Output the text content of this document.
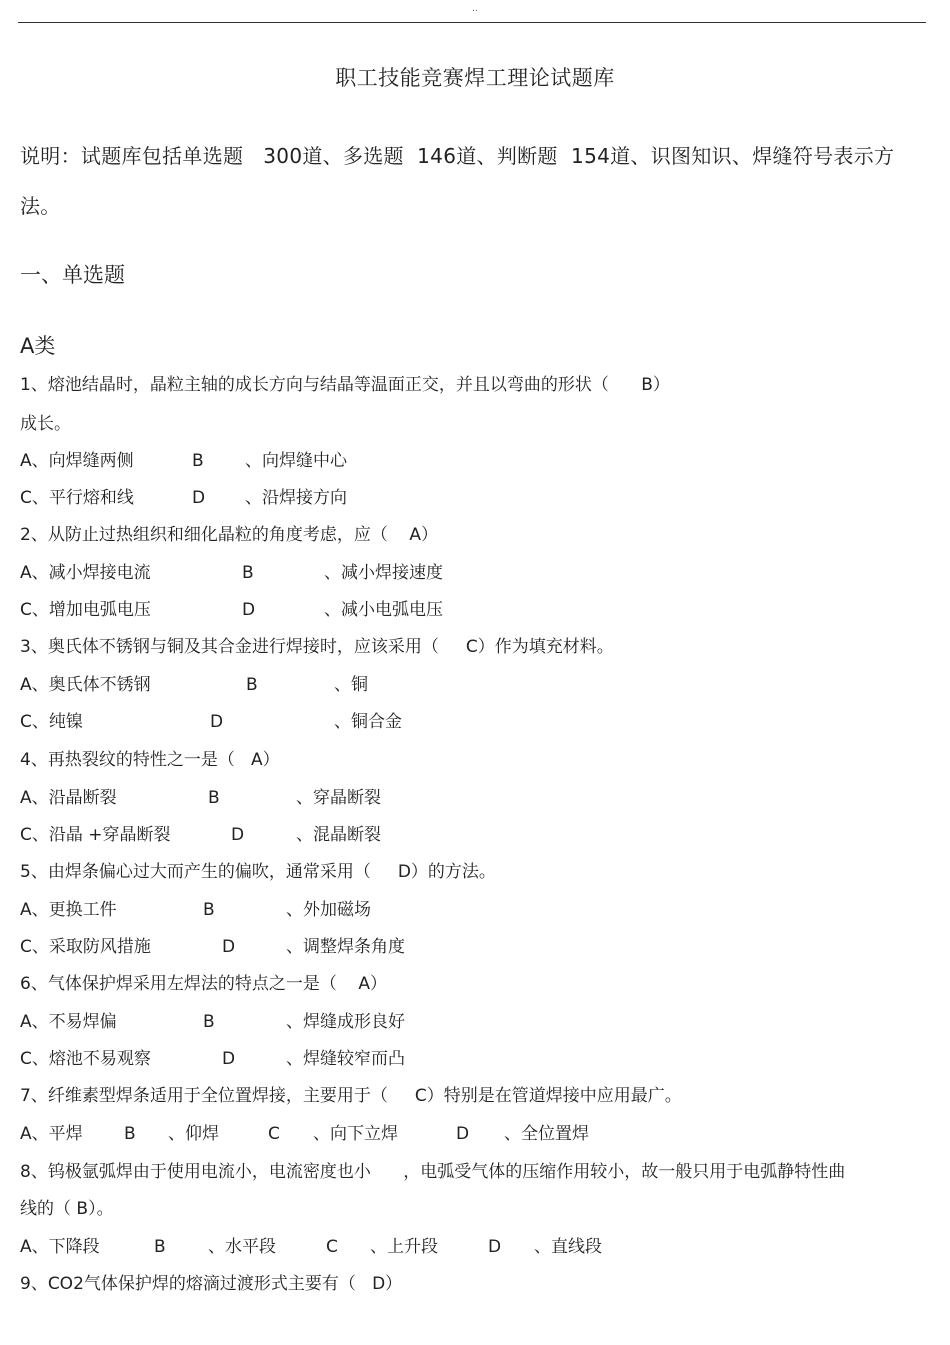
..
职工技能竞赛焊工理论试题库
说明：试题库包括单选题   300道、多选题  146道、判断题  154道、识图知识、焊缝符号表示方
法。
一、单选题
A类
1、熔池结晶时，晶粒主轴的成长方向与结晶等温面正交，并且以弯曲的形状（      B）
成长。
A、向焊缝两侧	B 、向焊缝中心
C、平行熔和线	D 、沿焊接方向
2、从防止过热组织和细化晶粒的角度考虑，应（    A）
A、减小焊接电流	B	、减小焊接速度
C、增加电弧电压	D	、减小电弧电压
3、奥氏体不锈钢与铜及其合金进行焊接时，应该采用（     C）作为填充材料。
A、奥氏体不锈钢	B	、铜
C、纯镍	D	、铜合金
4、再热裂纹的特性之一是（   A）
A、沿晶断裂	B	、穿晶断裂
C、沿晶 +穿晶断裂	D	、混晶断裂
5、由焊条偏心过大而产生的偏吹，通常采用（     D）的方法。
A、更换工件	B	、外加磁场
C、采取防风措施	D	、调整焊条角度
6、气体保护焊采用左焊法的特点之一是（    A）
A、不易焊偏	B	、焊缝成形良好
C、熔池不易观察	D	、焊缝较窄而凸
7、纤维素型焊条适用于全位置焊接，主要用于（     C）特别是在管道焊接中应用最广。
A、平焊 B 、仰焊	C 、向下立焊	D 、全位置焊
8、钨极氩弧焊由于使用电流小，电流密度也小      ，电弧受气体的压缩作用较小，故一般只用于电弧静特性曲
线的（ B）。
A、下降段	B 、水平段	C 、上升段	D 、直线段
9、CO2气体保护焊的熔滴过渡形式主要有（   D）
